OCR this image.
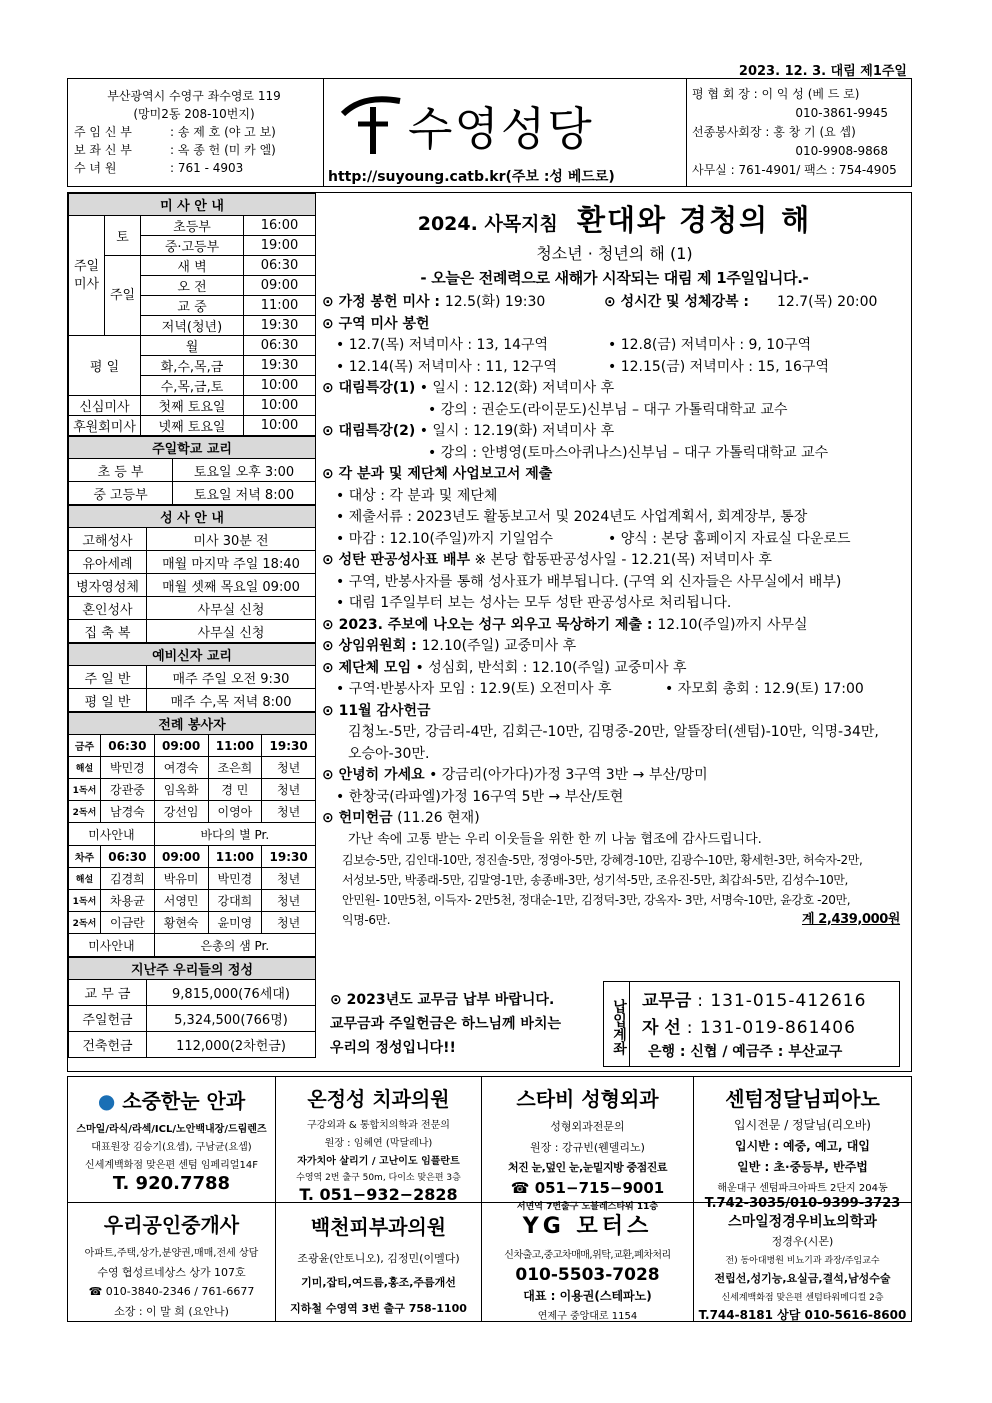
2023. 12. 3. 대림 제1주일
부산광역시 수영구 좌수영로 119
(망미2동 208-10번지)
주 임 신 부	: 송 제 호 (야 고 보)
보 좌 신 부	: 옥 종 헌 (미 카 엘)
수 녀 원	: 761 - 4903
수영성당
http://suyoung.catb.kr(주보 :성 베드로)
평 협 회 장 : 이 익 성 (베 드 로)
010-3861-9945
선종봉사회장 : 홍 창 기 (요 셉)
010-9908-9868
사무실 : 761-4901/ 팩스 : 754-4905
미 사 안 내			
주일미사	토	초등부	16:00
		중·고등부	19:00
	주일	새 벽	06:30
		오 전	09:00
		교 중	11:00
		저녁(청년)	19:30
평 일		월	06:30
		화,수,목,금	19:30
		수,목,금,토	10:00
신심미사		첫째 토요일	10:00
후원회미사		넷째 토요일	10:00
주일학교 교리	
초 등 부	토요일 오후 3:00
중 고등부	토요일 저녁 8:00
성 사 안 내	
고해성사	미사 30분 전
유아세례	매월 마지막 주일 18:40
병자영성체	매월 셋째 목요일 09:00
혼인성사	사무실 신청
집 축 복	사무실 신청
예비신자 교리	
주 일 반	매주 주일 오전 9:30
평 일 반	매주 수,목 저녁 8:00
전례 봉사자				
금주	06:30	09:00	11:00	19:30
해설	박민경	여경숙	조은희	청년
1독서	강관중	임옥화	경 민	청년
2독서	남경숙	강선임	이영아	청년
미사안내		바다의 별 Pr.		
차주	06:30	09:00	11:00	19:30
해설	김경희	박유미	박민경	청년
1독서	차용균	서영민	강대희	청년
2독서	이금란	황현숙	윤미영	청년
미사안내		은총의 샘 Pr.		
지난주 우리들의 정성	
교 무 금	9,815,000(76세대)
주일헌금	5,324,500(766명)
건축헌금	112,000(2차헌금)
2024. 사목지침 환대와 경청의 해
청소년 · 청년의 해 (1)
- 오늘은 전례력으로 새해가 시작되는 대림 제 1주일입니다.-
⊙ 가정 봉헌 미사 : 12.5(화) 19:30	⊙ 성시간 및 성체강복 : 12.7(목) 20:00
⊙ 구역 미사 봉헌
• 12.7(목) 저녁미사 : 13, 14구역	• 12.8(금) 저녁미사 : 9, 10구역
• 12.14(목) 저녁미사 : 11, 12구역	• 12.15(금) 저녁미사 : 15, 16구역
⊙ 대림특강(1) • 일시 : 12.12(화) 저녁미사 후
• 강의 : 권순도(라이문도)신부님 – 대구 가톨릭대학교 교수
⊙ 대림특강(2) • 일시 : 12.19(화) 저녁미사 후
• 강의 : 안병영(토마스아퀴나스)신부님 – 대구 가톨릭대학교 교수
⊙ 각 분과 및 제단체 사업보고서 제출
• 대상 : 각 분과 및 제단체
• 제출서류 : 2023년도 활동보고서 및 2024년도 사업계획서, 회계장부, 통장
• 마감 : 12.10(주일)까지 기일엄수	• 양식 : 본당 홈페이지 자료실 다운로드
⊙ 성탄 판공성사표 배부 ※ 본당 합동판공성사일 - 12.21(목) 저녁미사 후
• 구역, 반봉사자를 통해 성사표가 배부됩니다. (구역 외 신자들은 사무실에서 배부)
• 대림 1주일부터 보는 성사는 모두 성탄 판공성사로 처리됩니다.
⊙ 2023. 주보에 나오는 성구 외우고 묵상하기 제출 : 12.10(주일)까지 사무실
⊙ 상임위원회 : 12.10(주일) 교중미사 후
⊙ 제단체 모임 • 성심회, 반석회 : 12.10(주일) 교중미사 후
• 구역·반봉사자 모임 : 12.9(토) 오전미사 후	• 자모회 총회 : 12.9(토) 17:00
⊙ 11월 감사헌금
김청노-5만, 강금리-4만, 김회근-10만, 김명중-20만, 알뜰장터(센텀)-10만, 익명-34만,
오승아-30만.
⊙ 안녕히 가세요 • 강금리(아가다)가정 3구역 3반 → 부산/망미
• 한창국(라파엘)가정 16구역 5반 → 부산/토현
⊙ 헌미헌금 (11.26 현재)
가난 속에 고통 받는 우리 이웃들을 위한 한 끼 나눔 협조에 감사드립니다.
김보승-5만, 김인대-10만, 정진솔-5만, 정영아-5만, 강혜경-10만, 김광수-10만, 황세헌-3만, 허숙자-2만,
서성보-5만, 박종래-5만, 김말영-1만, 송종배-3만, 성기석-5만, 조유진-5만, 최갑쇠-5만, 김성수-10만,
안민원- 10만5천, 이득자- 2만5천, 정대순-1만, 김정덕-3만, 강옥자- 3만, 서명숙-10만, 윤강호 -20만,
익명-6만.	계 2,439,000원
⊙ 2023년도 교무금 납부 바랍니다.
교무금과 주일헌금은 하느님께 바치는
우리의 정성입니다!!	납입계좌 교무금 : 131-015-412616
자 선 : 131-019-861406
은행 : 신협 / 예금주 : 부산교구
● 소중한눈 안과
스마일/라식/라섹/ICL/노안백내장/드림렌즈
대표원장 김승기(요셉), 구남균(요셉)
신세계백화점 맞은편 센텀 임페리얼14F
T. 920.7788
온정성 치과의원
구강외과 & 통합치의학과 전문의
원장 : 임혜연 (막달레나)
자가치아 살리기 / 고난이도 임플란트
수영역 2번 출구 50m, 다이소 맞은편 3층
T. 051−932−2828
스타비 성형외과
성형외과전문의
원장 : 강규빈(웬델리노)
처진 눈,덮인 눈,눈밑지방 중점진료
☎ 051−715−9001
서면역 7번출구 노블레스타워 11층
센텀정달님피아노
입시전문 / 정달님(리오바)
입시반 : 예중, 예고, 대입
일반 : 초·중등부, 반주법
해운대구 센텀파크아파트 2단지 204동
T.742-3035/010-9399-3723
우리공인중개사
아파트,주택,상가,분양권,매매,전세 상담
수영 협성르네상스 상가 107호
☎ 010-3840-2346 / 761-6677
소장 : 이 말 희 (요안나)
백천피부과의원
조광윤(안토니오), 김정민(이멜다)
기미,잡티,여드름,홍조,주름개선
지하철 수영역 3번 출구 758-1100
YG 모터스
신차출고,중고차매매,위탁,교환,폐차처리
010-5503-7028
대표 : 이용권(스테파노)
연제구 중앙대로 1154
스마일정경우비뇨의학과
정경우(시몬)
전) 동아대병원 비뇨기과 과장/주임교수
전립선,성기능,요실금,결석,남성수술
신세계백화점 맞은편 센텀타워메디컬 2층
T.744-8181 상담 010-5616-8600
